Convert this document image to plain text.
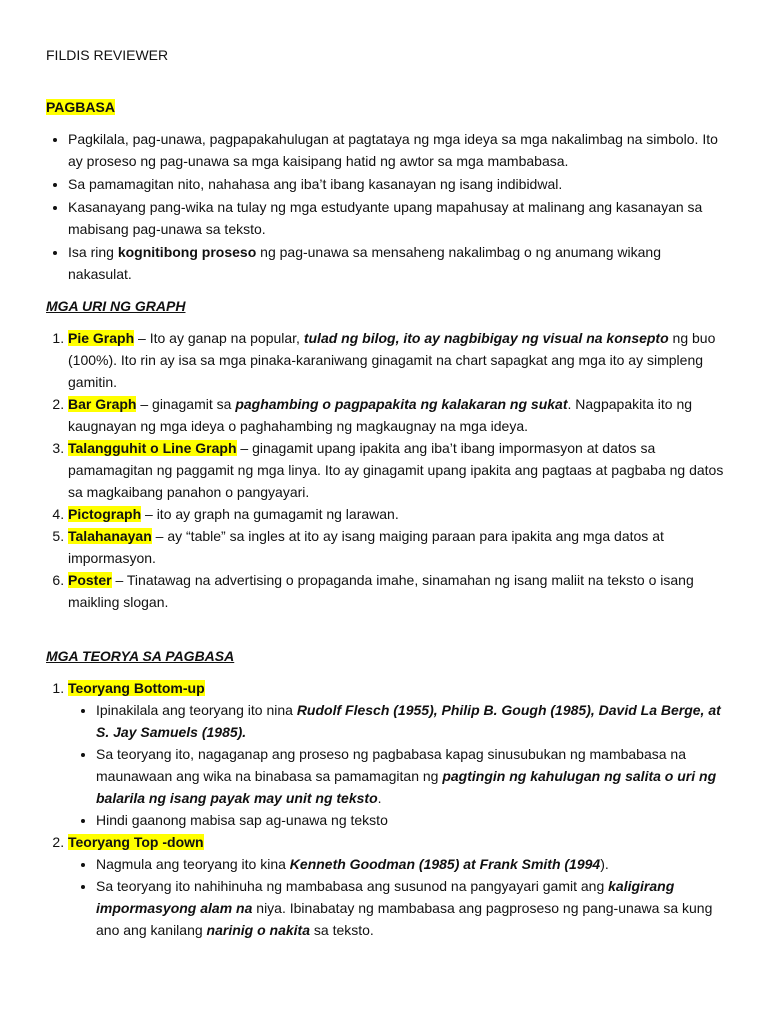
FILDIS REVIEWER

PAGBASA
• Pagkilala, pag-unawa, pagpapakahulugan at pagtataya ng mga ideya sa mga nakalimbag na simbolo. Ito ay proseso ng pag-unawa sa mga kaisipang hatid ng awtor sa mga mambabasa.
• Sa pamamagitan nito, nahahasa ang iba’t ibang kasanayan ng isang indibidwal.
• Kasanayang pang-wika na tulay ng mga estudyante upang mapahusay at malinang ang kasanayan sa mabisang pag-unawa sa teksto.
• Isa ring kognitibong proseso ng pag-unawa sa mensaheng nakalimbag o ng anumang wikang nakasulat.
MGA URI NG GRAPH
1. Pie Graph – Ito ay ganap na popular, tulad ng bilog, ito ay nagbibigay ng visual na konsepto ng buo (100%). Ito rin ay isa sa mga pinaka-karaniwang ginagamit na chart sapagkat ang mga ito ay simpleng gamitin.
2. Bar Graph – ginagamit sa paghambing o pagpapakita ng kalakaran ng sukat. Nagpapakita ito ng kaugnayan ng mga ideya o paghahambing ng magkaugnay na mga ideya.
3. Talangguhit o Line Graph – ginagamit upang ipakita ang iba’t ibang impormasyon at datos sa pamamagitan ng paggamit ng mga linya. Ito ay ginagamit upang ipakita ang pagtaas at pagbaba ng datos sa magkaibang panahon o pangyayari.
4. Pictograph – ito ay graph na gumagamit ng larawan.
5. Talahanayan – ay “table” sa ingles at ito ay isang maiging paraan para ipakita ang mga datos at impormasyon.
6. Poster – Tinatawag na advertising o propaganda imahe, sinamahan ng isang maliit na teksto o isang maikling slogan.
MGA TEORYA SA PAGBASA
1. Teoryang Bottom-up
• Ipinakilala ang teoryang ito nina Rudolf Flesch (1955), Philip B. Gough (1985), David La Berge, at S. Jay Samuels (1985).
• Sa teoryang ito, nagaganap ang proseso ng pagbabasa kapag sinusubukan ng mambabasa na maunawaan ang wika na binabasa sa pamamagitan ng pagtingin ng kahulugan ng salita o uri ng balarila ng isang payak may unit ng teksto.
• Hindi gaanong mabisa sap ag-unawa ng teksto
2. Teoryang Top -down
• Nagmula ang teoryang ito kina Kenneth Goodman (1985) at Frank Smith (1994).
• Sa teoryang ito nahihinuha ng mambabasa ang susunod na pangyayari gamit ang kaligirang impormasyong alam na niya. Ibinabatay ng mambabasa ang pagproseso ng pang-unawa sa kung ano ang kanilang narinig o nakita sa teksto.
